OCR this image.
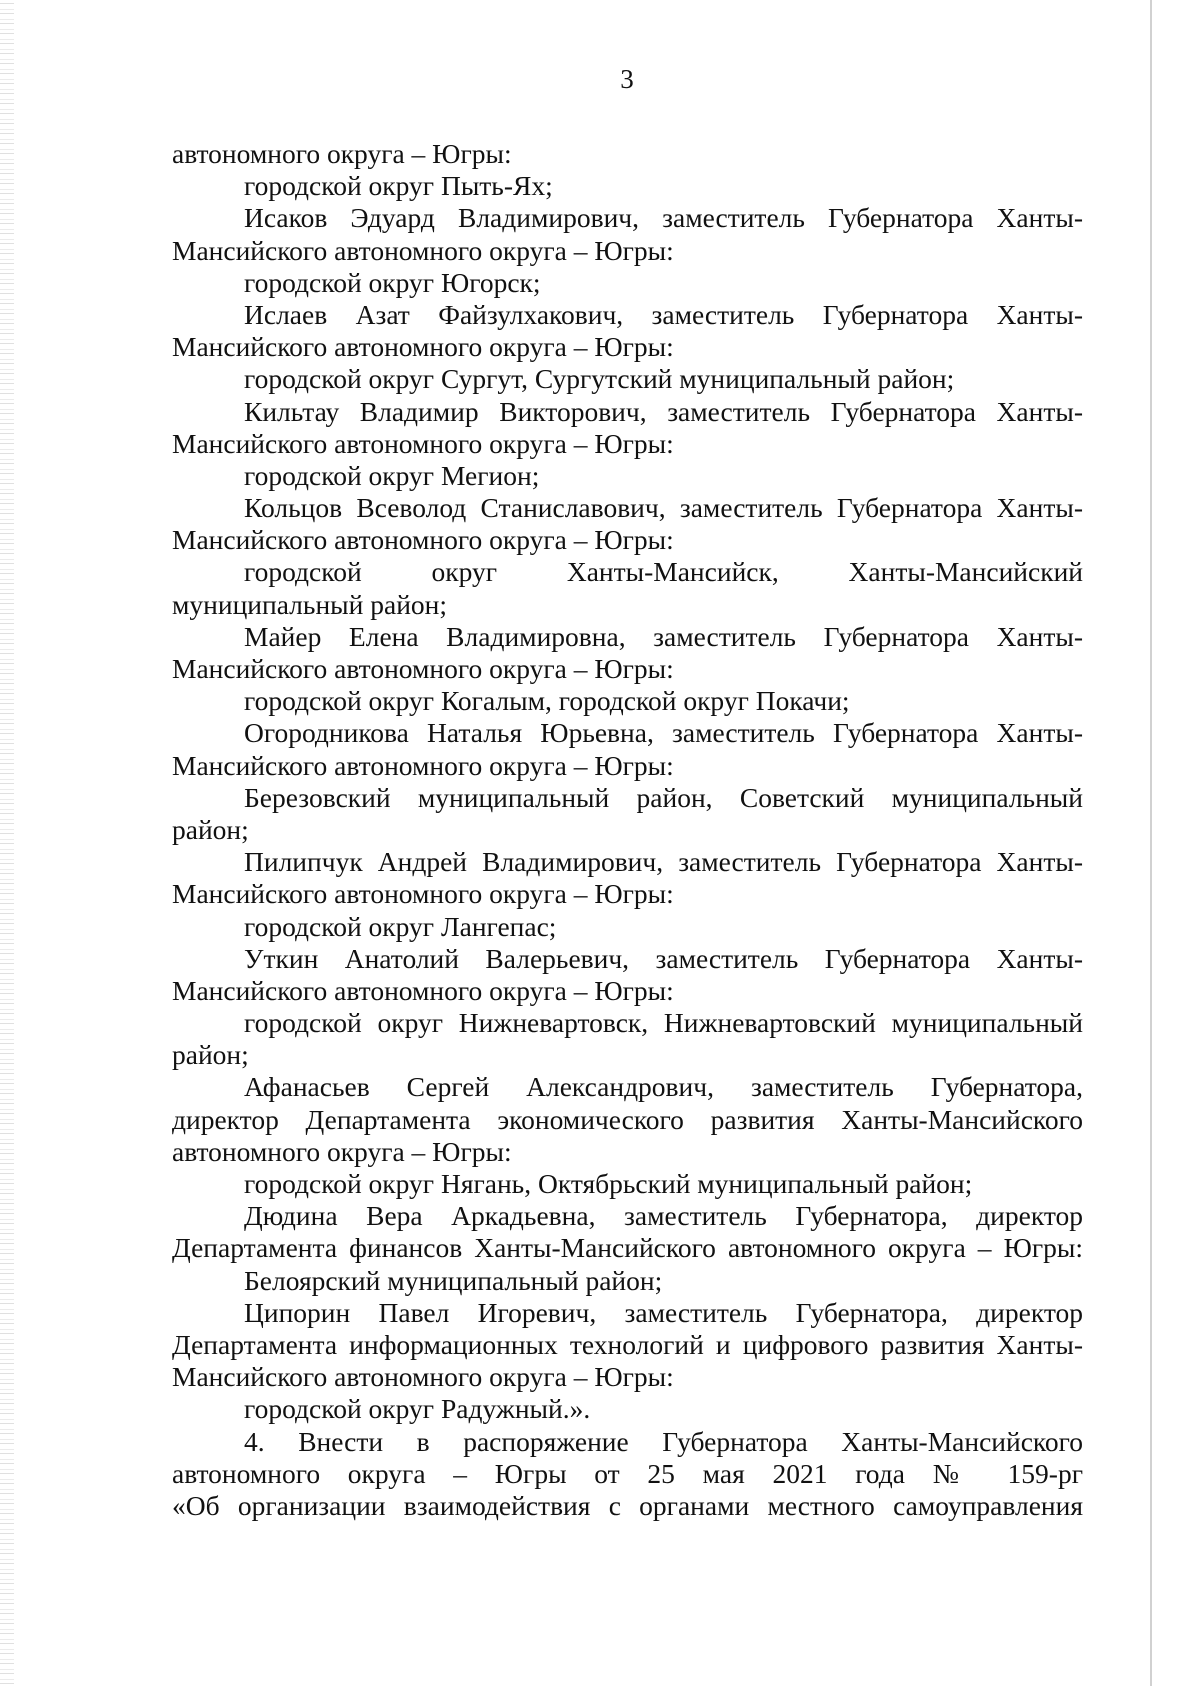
3
автономного округа – Югры:
городской округ Пыть-Ях;
Исаков Эдуард Владимирович, заместитель Губернатора Ханты-
Мансийского автономного округа – Югры:
городской округ Югорск;
Ислаев Азат Файзулхакович, заместитель Губернатора Ханты-
Мансийского автономного округа – Югры:
городской округ Сургут, Сургутский муниципальный район;
Кильтау Владимир Викторович, заместитель Губернатора Ханты-
Мансийского автономного округа – Югры:
городской округ Мегион;
Кольцов Всеволод Станиславович, заместитель Губернатора Ханты-
Мансийского автономного округа – Югры:
городской округ Ханты-Мансийск, Ханты-Мансийский
муниципальный район;
Майер Елена Владимировна, заместитель Губернатора Ханты-
Мансийского автономного округа – Югры:
городской округ Когалым, городской округ Покачи;
Огородникова Наталья Юрьевна, заместитель Губернатора Ханты-
Мансийского автономного округа – Югры:
Березовский муниципальный район, Советский муниципальный
район;
Пилипчук Андрей Владимирович, заместитель Губернатора Ханты-
Мансийского автономного округа – Югры:
городской округ Лангепас;
Уткин Анатолий Валерьевич, заместитель Губернатора Ханты-
Мансийского автономного округа – Югры:
городской округ Нижневартовск, Нижневартовский муниципальный
район;
Афанасьев Сергей Александрович, заместитель Губернатора,
директор Департамента экономического развития Ханты-Мансийского
автономного округа – Югры:
городской округ Нягань, Октябрьский муниципальный район;
Дюдина Вера Аркадьевна, заместитель Губернатора, директор
Департамента финансов Ханты-Мансийского автономного округа – Югры:
Белоярский муниципальный район;
Ципорин Павел Игоревич, заместитель Губернатора, директор
Департамента информационных технологий и цифрового развития Ханты-
Мансийского автономного округа – Югры:
городской округ Радужный.».
4. Внести в распоряжение Губернатора Ханты-Мансийского
автономного округа – Югры от 25 мая 2021 года № 159-рг
«Об организации взаимодействия с органами местного самоуправления
